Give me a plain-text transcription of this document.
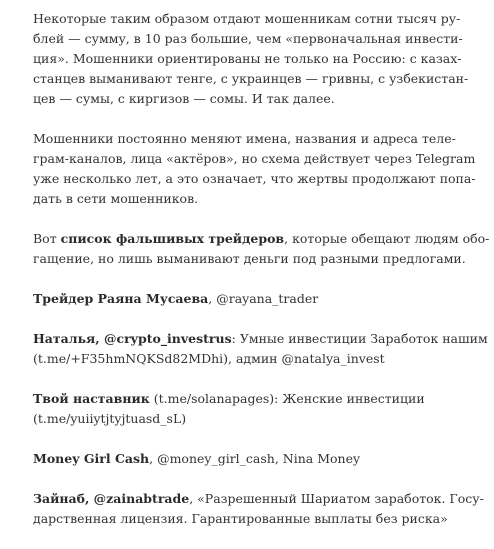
Некоторые таким образом отдают мошенникам сотни тысяч ру-
блей — сумму, в 10 раз большие, чем «первоначальная инвести-
ция». Мошенники ориентированы не только на Россию: с казах-
станцев выманивают тенге, с украинцев — гривны, с узбекистан-
цев — сумы, с киргизов — сомы. И так далее.

Мошенники постоянно меняют имена, названия и адреса теле-
грам-каналов, лица «актёров», но схема действует через Telegram
уже несколько лет, а это означает, что жертвы продолжают попа-
дать в сети мошенников.

Вот список фальшивых трейдеров, которые обещают людям обо-
гащение, но лишь выманивают деньги под разными предлогами.

Трейдер Раяна Мусаева, @rayana_trader

Наталья, @crypto_investrus: Умные инвестиции Заработок нашим
(t.me/+F35hmNQKSd82MDhi), админ @natalya_invest

Твой наставник (t.me/solanapages): Женские инвестиции
(t.me/yuiiytjtyjtuasd_sL)

Money Girl Cash, @money_girl_cash, Nina Money

Зайнаб, @zainabtrade, «Разрешенный Шариатом заработок. Госу-
дарственная лицензия. Гарантированные выплаты без риска»
